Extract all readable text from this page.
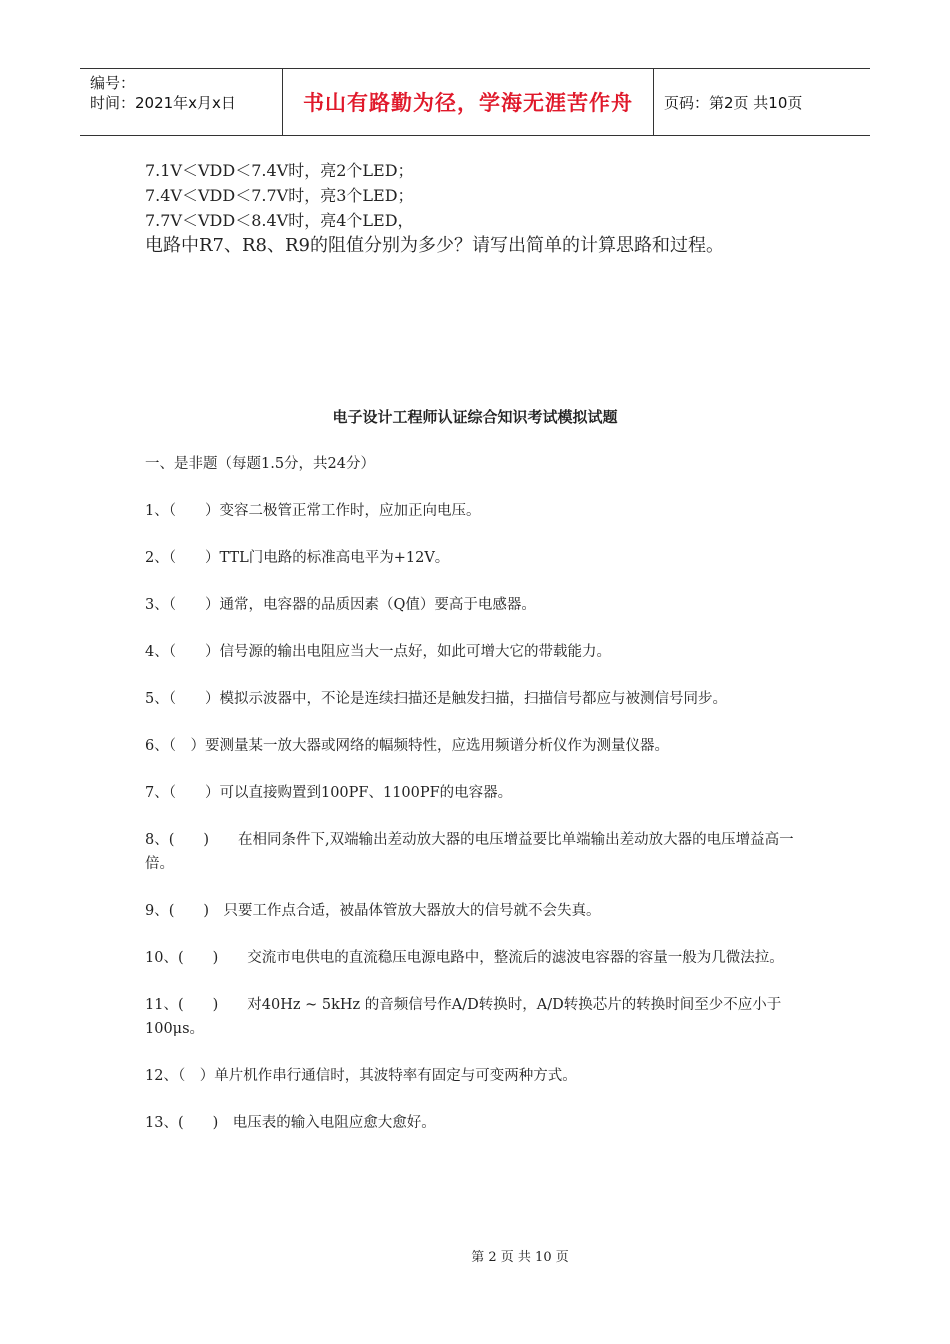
编号：
时间：2021年x月x日	书山有路勤为径，学海无涯苦作舟	页码：第2页 共10页
7.1V＜VDD＜7.4V时，亮2个LED；
7.4V＜VDD＜7.7V时，亮3个LED；
7.7V＜VDD＜8.4V时，亮4个LED，
电路中R7、R8、R9的阻值分别为多少？请写出简单的计算思路和过程。
电子设计工程师认证综合知识考试模拟试题

一、是非题（每题1.5分，共24分）

1、（　　）变容二极管正常工作时，应加正向电压。

2、（　　）TTL门电路的标准高电平为+12V。

3、（　　）通常，电容器的品质因素（Q值）要高于电感器。

4、（　　）信号源的输出电阻应当大一点好，如此可增大它的带载能力。

5、（　　）模拟示波器中，不论是连续扫描还是触发扫描，扫描信号都应与被测信号同步。

6、（　）要测量某一放大器或网络的幅频特性，应选用频谱分析仪作为测量仪器。

7、（　　）可以直接购置到100PF、1100PF的电容器。

8、(　　)　　在相同条件下,双端输出差动放大器的电压增益要比单端输出差动放大器的电压增益高一倍。

9、(　　)　只要工作点合适，被晶体管放大器放大的信号就不会失真。

10、(　　)　　交流市电供电的直流稳压电源电路中，整流后的滤波电容器的容量一般为几微法拉。

11、(　　)　　对40Hz ~ 5kHz 的音频信号作A/D转换时，A/D转换芯片的转换时间至少不应小于100μs。

12、（　）单片机作串行通信时，其波特率有固定与可变两种方式。

13、(　　)　电压表的输入电阻应愈大愈好。

第 2 页 共 10 页
